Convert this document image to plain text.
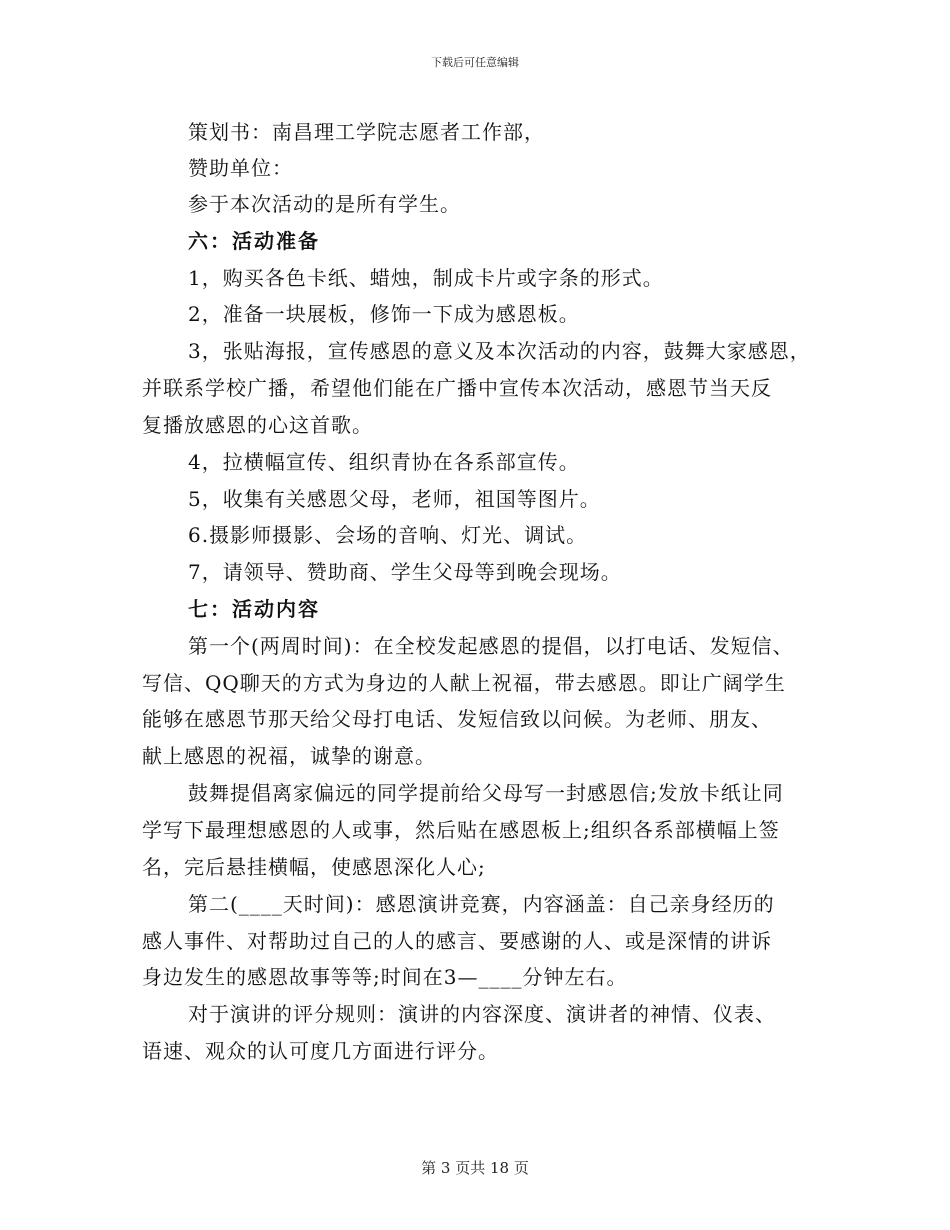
下载后可任意编辑
策划书：南昌理工学院志愿者工作部，
赞助单位：
参于本次活动的是所有学生。
六：活动准备
1，购买各色卡纸、蜡烛，制成卡片或字条的形式。
2，准备一块展板，修饰一下成为感恩板。
3，张贴海报，宣传感恩的意义及本次活动的内容，鼓舞大家感恩，
并联系学校广播，希望他们能在广播中宣传本次活动，感恩节当天反
复播放感恩的心这首歌。
4，拉横幅宣传、组织青协在各系部宣传。
5，收集有关感恩父母，老师，祖国等图片。
6.摄影师摄影、会场的音响、灯光、调试。
7，请领导、赞助商、学生父母等到晚会现场。
七：活动内容
第一个(两周时间)：在全校发起感恩的提倡，以打电话、发短信、
写信、QQ聊天的方式为身边的人献上祝福，带去感恩。即让广阔学生
能够在感恩节那天给父母打电话、发短信致以问候。为老师、朋友、
献上感恩的祝福，诚挚的谢意。
鼓舞提倡离家偏远的同学提前给父母写一封感恩信;发放卡纸让同
学写下最理想感恩的人或事，然后贴在感恩板上;组织各系部横幅上签
名，完后悬挂横幅，使感恩深化人心;
第二(____天时间)：感恩演讲竞赛，内容涵盖：自己亲身经历的
感人事件、对帮助过自己的人的感言、要感谢的人、或是深情的讲诉
身边发生的感恩故事等等;时间在3—____分钟左右。
对于演讲的评分规则：演讲的内容深度、演讲者的神情、仪表、
语速、观众的认可度几方面进行评分。
第 3 页共 18 页
